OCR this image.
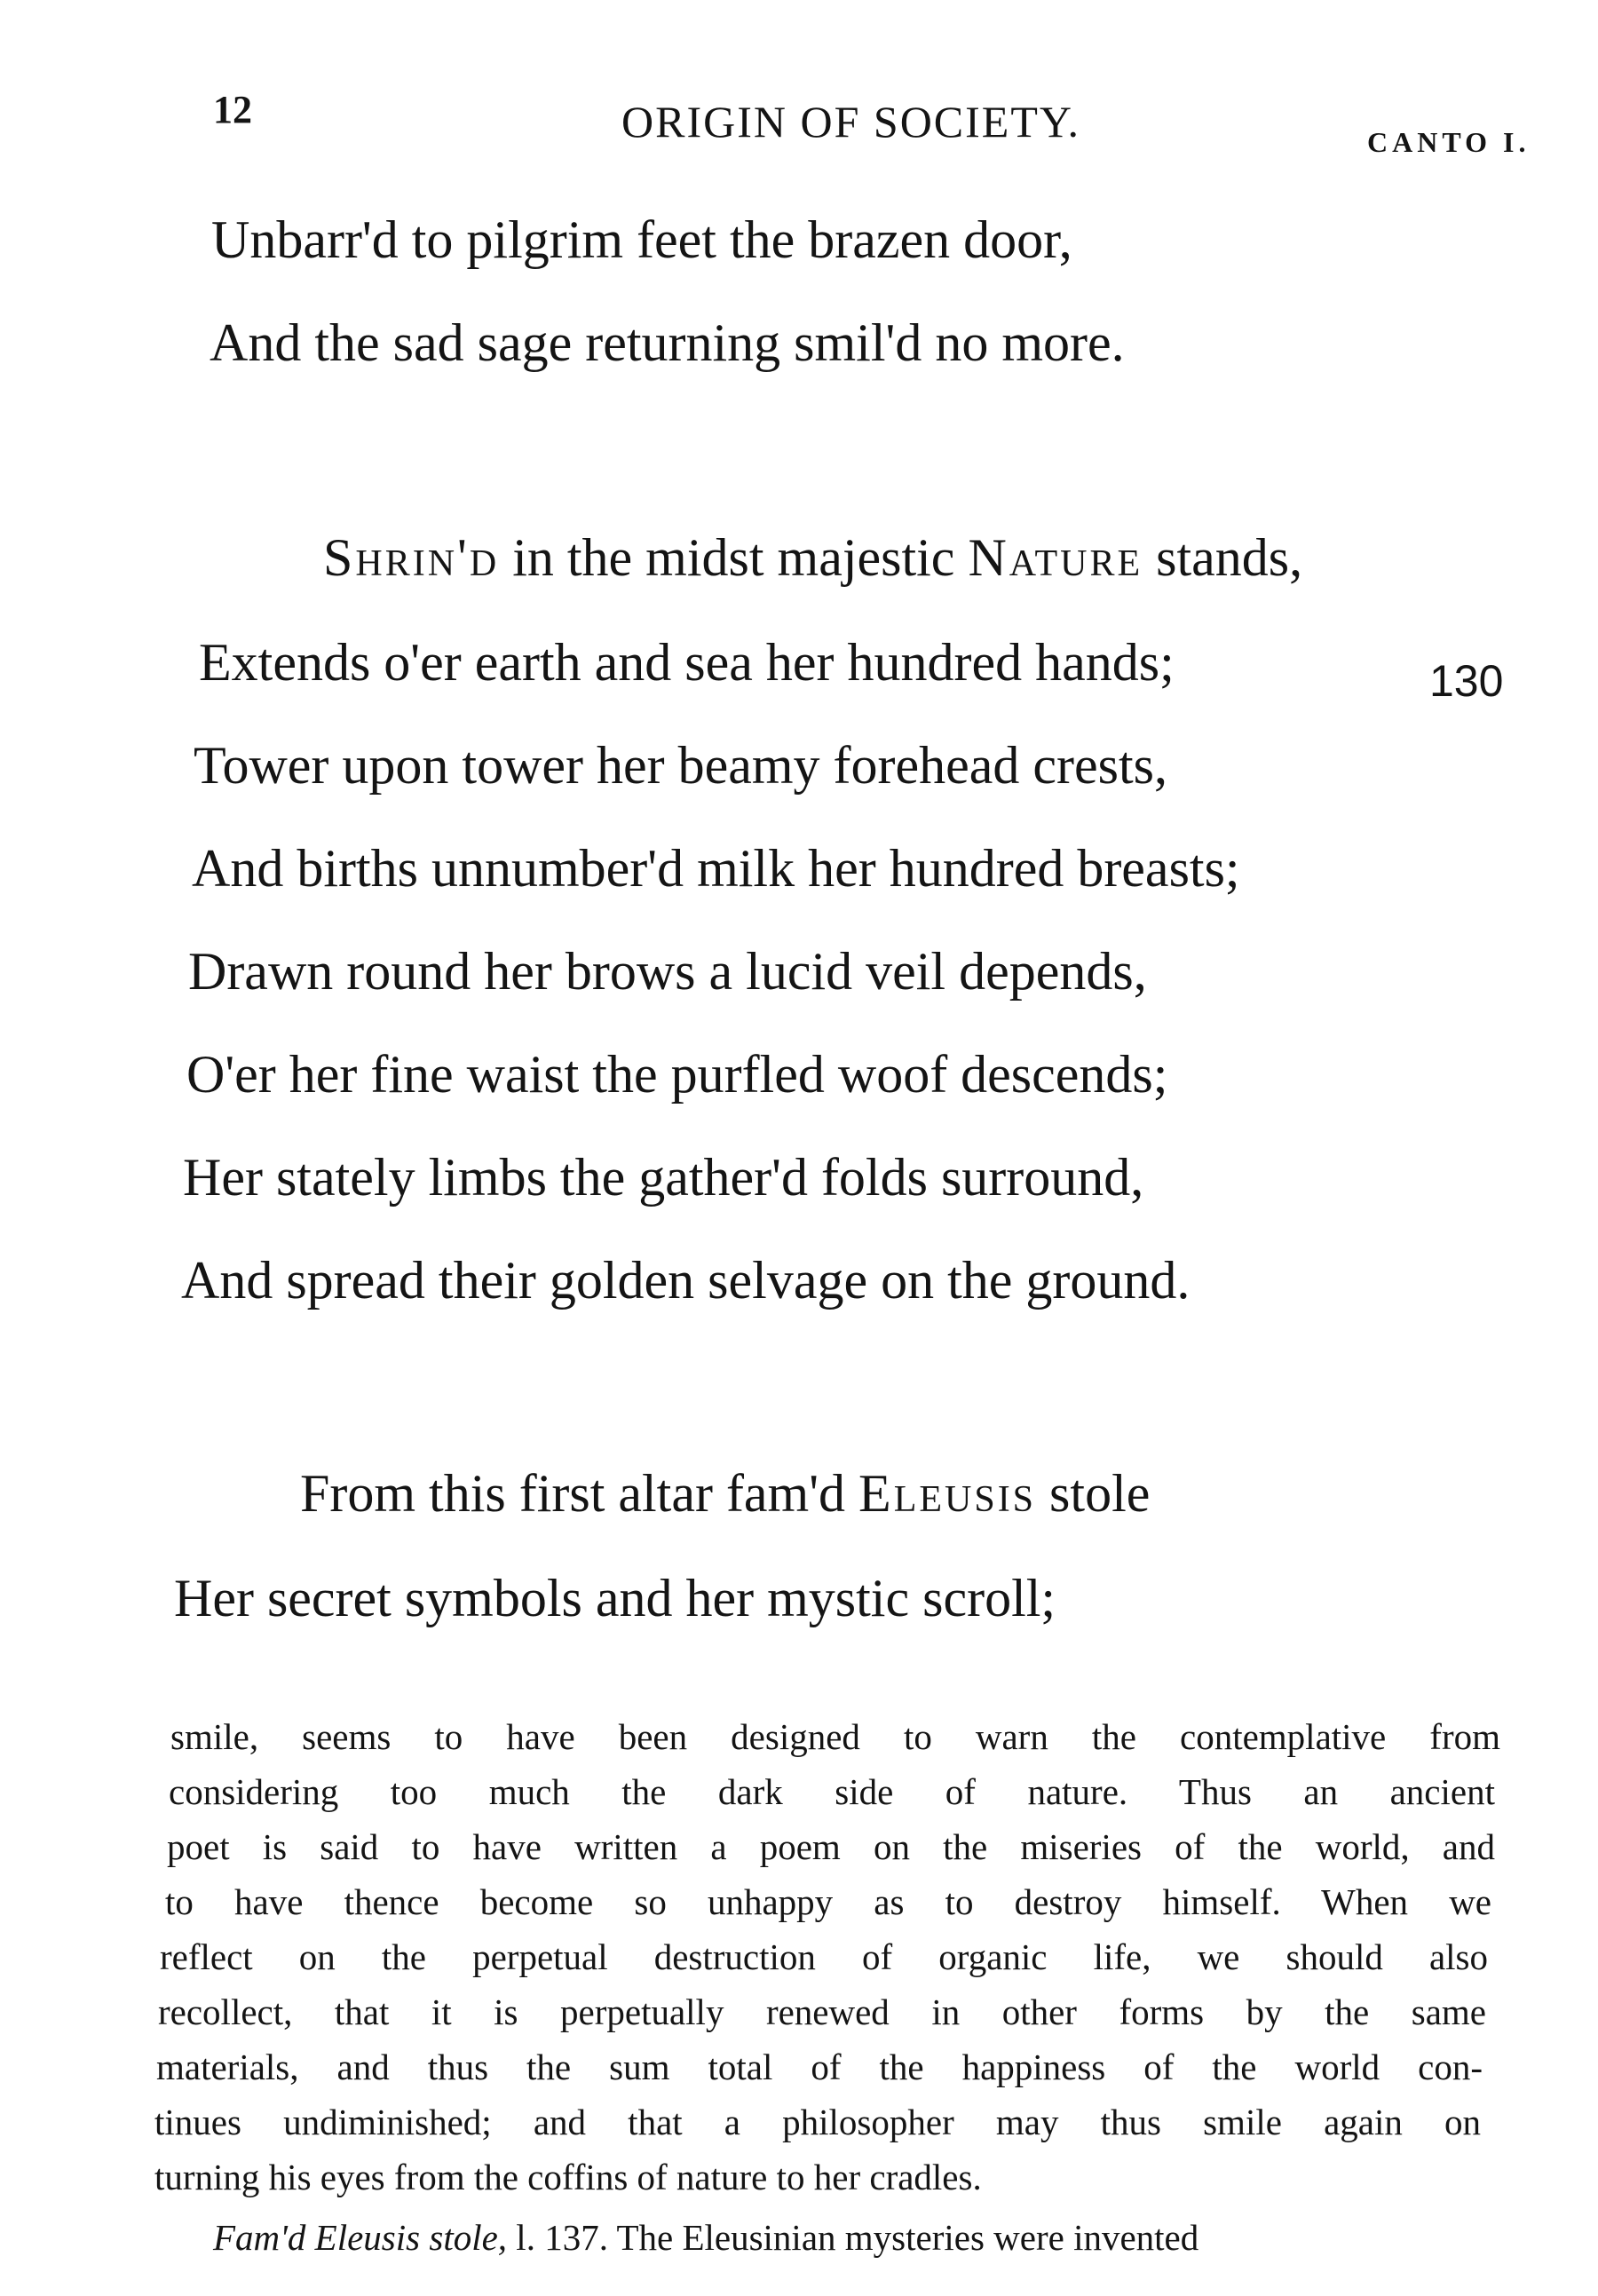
12	ORIGIN OF SOCIETY.	CANTO I.
Unbarr'd to pilgrim feet the brazen door,
And the sad sage returning smil'd no more.
Shrin'd in the midst majestic Nature stands,
Extends o'er earth and sea her hundred hands;	130
Tower upon tower her beamy forehead crests,
And births unnumber'd milk her hundred breasts;
Drawn round her brows a lucid veil depends,
O'er her fine waist the purfled woof descends;
Her stately limbs the gather'd folds surround,
And spread their golden selvage on the ground.
From this first altar fam'd Eleusis stole
Her secret symbols and her mystic scroll;
smile, seems to have been designed to warn the contemplative from
considering too much the dark side of nature. Thus an ancient
poet is said to have written a poem on the miseries of the world, and
to have thence become so unhappy as to destroy himself. When we
reflect on the perpetual destruction of organic life, we should also
recollect, that it is perpetually renewed in other forms by the same
materials, and thus the sum total of the happiness of the world con-
tinues undiminished; and that a philosopher may thus smile again on
turning his eyes from the coffins of nature to her cradles.
Fam'd Eleusis stole, l. 137. The Eleusinian mysteries were invented
